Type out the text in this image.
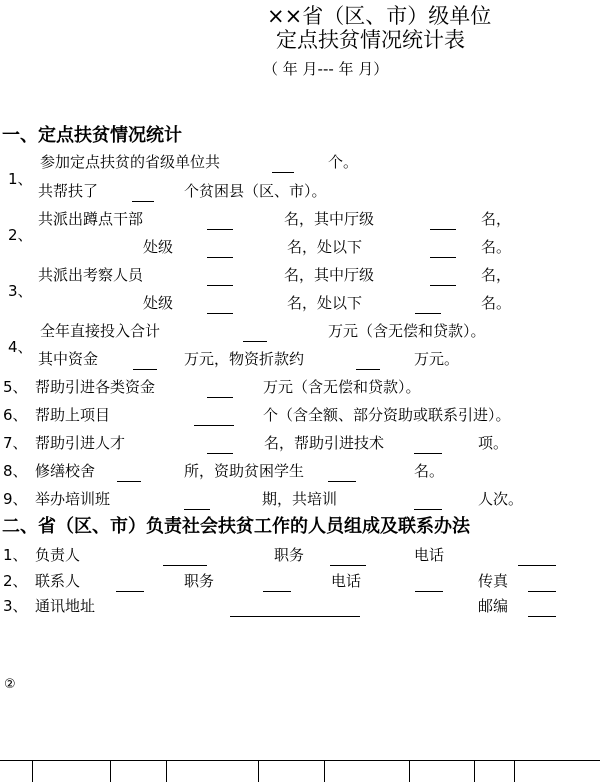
××省（区、市）级单位
定点扶贫情况统计表
（ 年 月--- 年 月）
一、定点扶贫情况统计
1、
参加定点扶贫的省级单位共	个。
共帮扶了	个贫困县（区、市）。
2、
共派出蹲点干部	名，其中厅级	名，
处级	名，处以下	名。
3、
共派出考察人员	名，其中厅级	名，
处级	名，处以下	名。
4、
全年直接投入合计	万元（含无偿和贷款）。
其中资金	万元，物资折款约	万元。
5、 帮助引进各类资金	万元（含无偿和贷款）。
6、 帮助上项目	个（含全额、部分资助或联系引进）。
7、 帮助引进人才	名，帮助引进技术	项。
8、 修缮校舍	所，资助贫困学生	名。
9、 举办培训班	期，共培训	人次。
二、省（区、市）负责社会扶贫工作的人员组成及联系办法
1、 负责人	职务	电话
2、 联系人	职务	电话	传真
3、 通讯地址	邮编
②
